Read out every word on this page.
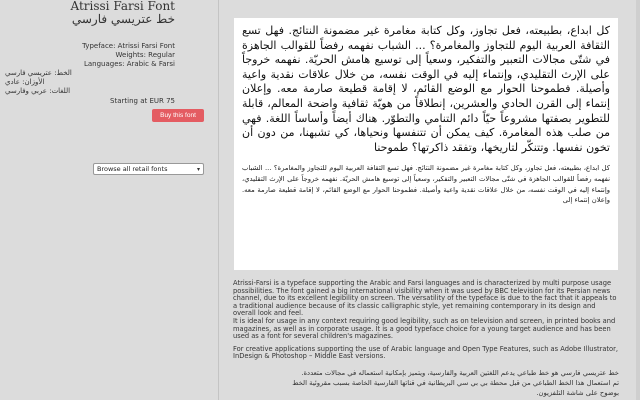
Atrissi Farsi Font
خط عتريسي فارسي
Typeface: Atrissi Farsi Font
Weights: Regular
Languages: Arabic & Farsi
الخط: عتريسي فارسي
الأوزان: عادي
اللغات: عربي وفارسي
Starting at EUR 75
Buy this font
Browse all retail fonts	▾
كل ابداع، بطبيعته، فعل تجاوز، وكل كتابة مغامرة غير مضمونة النتائج. فهل تسع الثقافة العربية اليوم للتجاوز والمغامرة؟ ... الشباب نفهمه رفضاً للقوالب الجاهزة في شتّى مجالات التعبير والتفكير، وسعياً إلى توسيع هامش الحريّة. نفهمه خروجاً على الإرث التقليدي، وإنتماء إليه في الوقت نفسه، من خلال علاقات نقدية واعية وأصيلة. فطموحنا الحوار مع الوضع القائم، لا إقامة قطيعة صارمة معه. وإعلان إنتماء إلى القرن الحادي والعشرين، إنطلاقاً من هويّة ثقافية واضحة المعالم، قابلة للتطوير بصفتها مشروعاً حيّاً دائم التنامي والتطوّر. هناك أيضاً وأساساً اللغة. فهي من صلب هذه المغامرة. كيف يمكن أن تتنفسها ونحياها، كي تشبهنا، من دون أن تخون نفسها. وتتنكّر لتاريخها، وتفقد ذاكرتها؟ طموحنا
كل ابداع، بطبيعته، فعل تجاوز، وكل كتابة مغامرة غير مضمونة النتائج. فهل تسع الثقافة العربية اليوم للتجاوز والمغامرة؟ ... الشباب نفهمه رفضاً للقوالب الجاهزة في شتّى مجالات التعبير والتفكير، وسعياً إلى توسيع هامش الحريّة. نفهمه خروجاً على الإرث التقليدي، وإنتماء إليه في الوقت نفسه، من خلال علاقات نقدية واعية وأصيلة. فطموحنا الحوار مع الوضع القائم، لا إقامة قطيعة صارمة معه. وإعلان إنتماء إلى

Atrissi-Farsi is a typeface supporting the Arabic and Farsi languages and is characterized by multi purpose usage possibilities. The font gained a big international visibility when it was used by BBC television for its Persian news channel, due to its excellent legibility on screen. The versatility of the typeface is due to the fact that it appeals to a traditional audience because of its classic calligraphic style, yet remaining contemporary in its design and overall look and feel.

It is ideal for usage in any context requiring good legibility, such as on television and screen, in printed books and magazines, as well as in corporate usage. It is a good typeface choice for a young target audience and has been used as a font for several children's magazines.

For creative applications supporting the use of Arabic language and Open Type Features, such as Adobe Illustrator, InDesign & Photoshop – Middle East versions.

خط عتريسي فارسي هو خط طباعي يدعم اللغتين العربية والفارسية، ويتميز بإمكانية استعماله في مجالات متعددة.
تم استعمال هذا الخط الطباعي من قبل محطة بي بي سي البريطانية في قناتها الفارسية الخاصة بسبب مقروئية الخط
بوضوح على شاشة التلفزيون.
